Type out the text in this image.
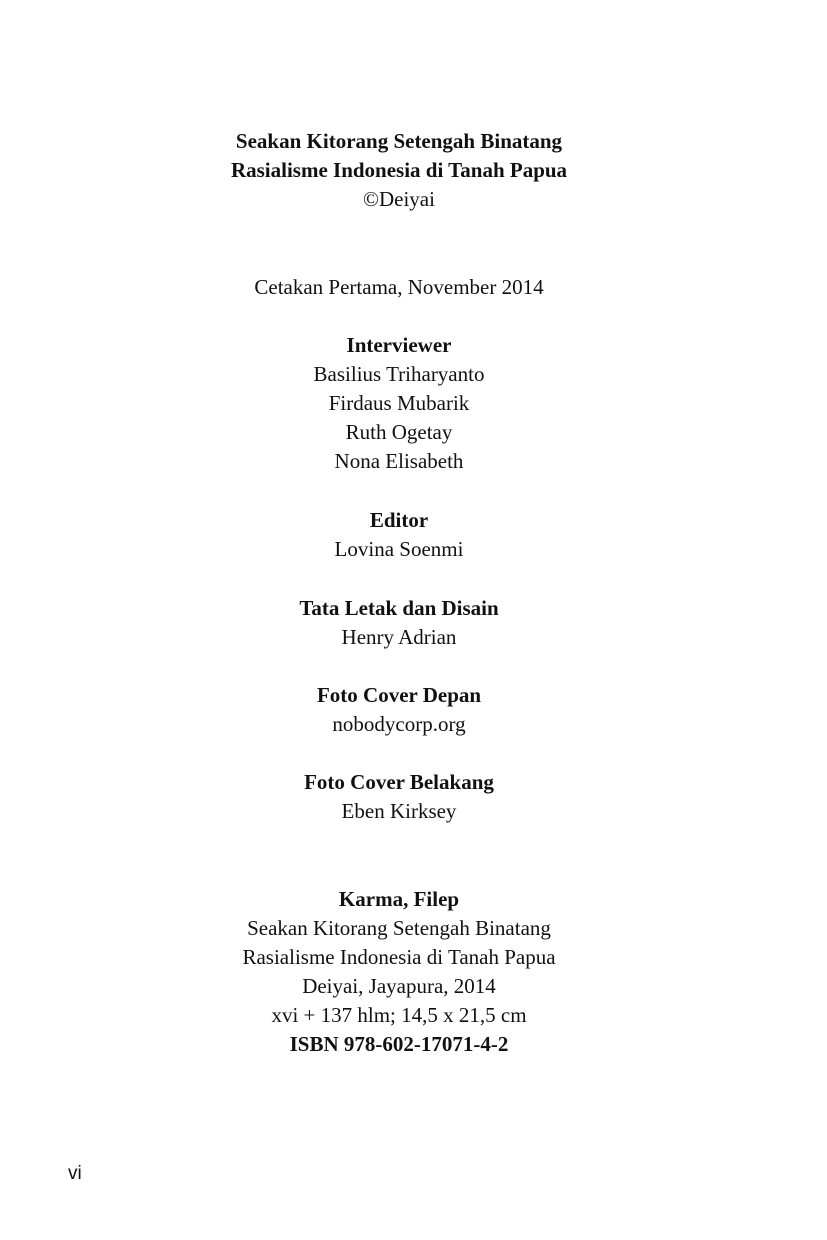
Seakan Kitorang Setengah Binatang
Rasialisme Indonesia di Tanah Papua
©Deiyai
Cetakan Pertama, November 2014
Interviewer
Basilius Triharyanto
Firdaus Mubarik
Ruth Ogetay
Nona Elisabeth
Editor
Lovina Soenmi
Tata Letak dan Disain
Henry Adrian
Foto Cover Depan
nobodycorp.org
Foto Cover Belakang
Eben Kirksey
Karma, Filep
Seakan Kitorang Setengah Binatang
Rasialisme Indonesia di Tanah Papua
Deiyai, Jayapura, 2014
xvi + 137 hlm; 14,5 x 21,5 cm
ISBN 978-602-17071-4-2
vi
